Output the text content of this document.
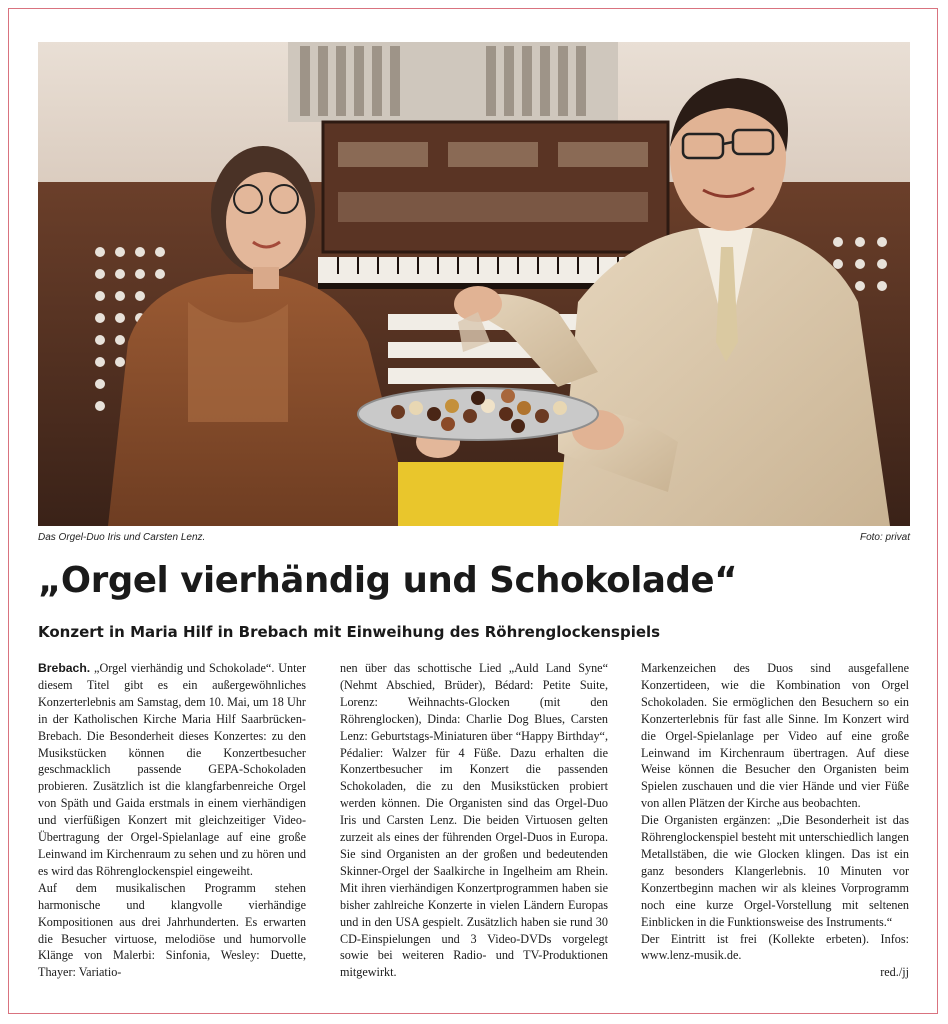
Das Orgel-Duo Iris und Carsten Lenz.	Foto: privat
„Orgel vierhändig und Schokolade“
Konzert in Maria Hilf in Brebach mit Einweihung des Röhrenglockenspiels

Brebach. „Orgel vierhändig und Schokolade“. Unter diesem Titel gibt es ein außergewöhnliches Konzerterlebnis am Samstag, dem 10. Mai, um 18 Uhr in der Katholischen Kirche Maria Hilf Saarbrücken-Brebach. Die Besonderheit dieses Konzertes: zu den Musikstücken können die Konzertbesucher geschmacklich passende GEPA-Schokoladen probieren. Zusätzlich ist die klangfarbenreiche Orgel von Späth und Gaida erstmals in einem vierhändigen und vierfüßigen Konzert mit gleichzeitiger Video-Übertragung der Orgel-Spielanlage auf eine große Leinwand im Kirchenraum zu sehen und zu hören und es wird das Röhrenglockenspiel eingeweiht.

Auf dem musikalischen Programm stehen harmonische und klangvolle vierhändige Kompositionen aus drei Jahrhunderten. Es erwarten die Besucher virtuose, melodiöse und humorvolle Klänge von Malerbi: Sinfonia, Wesley: Duette, Thayer: Variatio-

nen über das schottische Lied „Auld Land Syne“ (Nehmt Abschied, Brüder), Bédard: Petite Suite, Lorenz: Weihnachts-Glocken (mit den Röhrenglocken), Dinda: Charlie Dog Blues, Carsten Lenz: Geburtstags-Miniaturen über “Happy Birthday“, Pédalier: Walzer für 4 Füße. Dazu erhalten die Konzertbesucher im Konzert die passenden Schokoladen, die zu den Musikstücken probiert werden können. Die Organisten sind das Orgel-Duo Iris und Carsten Lenz. Die beiden Virtuosen gelten zurzeit als eines der führenden Orgel-Duos in Europa. Sie sind Organisten an der großen und bedeutenden Skinner-Orgel der Saalkirche in Ingelheim am Rhein. Mit ihren vierhändigen Konzertprogrammen haben sie bisher zahlreiche Konzerte in vielen Ländern Europas und in den USA gespielt. Zusätzlich haben sie rund 30 CD-Einspielungen und 3 Video-DVDs vorgelegt sowie bei weiteren Radio- und TV-Produktionen mitgewirkt.

Markenzeichen des Duos sind ausgefallene Konzertideen, wie die Kombination von Orgel Schokoladen. Sie ermöglichen den Besuchern so ein Konzerterlebnis für fast alle Sinne. Im Konzert wird die Orgel-Spielanlage per Video auf eine große Leinwand im Kirchenraum übertragen. Auf diese Weise können die Besucher den Organisten beim Spielen zuschauen und die vier Hände und vier Füße von allen Plätzen der Kirche aus beobachten.

Die Organisten ergänzen: „Die Besonderheit ist das Röhrenglockenspiel besteht mit unterschiedlich langen Metallstäben, die wie Glocken klingen. Das ist ein ganz besonders Klangerlebnis. 10 Minuten vor Konzertbeginn machen wir als kleines Vorprogramm noch eine kurze Orgel-Vorstellung mit seltenen Einblicken in die Funktionsweise des Instruments.“

Der Eintritt ist frei (Kollekte erbeten). Infos: www.lenz-musik.de.

red./jj
